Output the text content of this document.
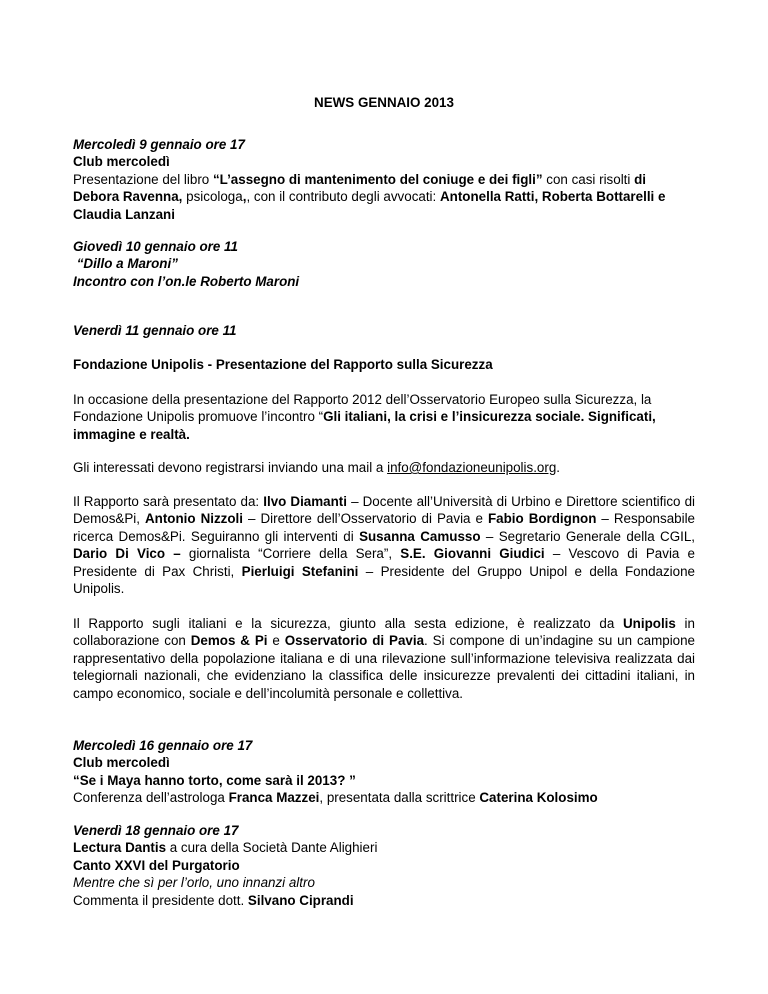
NEWS GENNAIO 2013

Mercoledì 9 gennaio ore 17

Club mercoledì

Presentazione del libro “L’assegno di mantenimento del coniuge e dei figli” con casi risolti di Debora Ravenna, psicologa,, con il contributo degli avvocati: Antonella Ratti, Roberta Bottarelli e Claudia Lanzani

Giovedì 10 gennaio ore 11

“Dillo a Maroni”

Incontro con l’on.le Roberto Maroni

Venerdì 11 gennaio ore 11

Fondazione Unipolis - Presentazione del Rapporto sulla Sicurezza

In occasione della presentazione del Rapporto 2012 dell’Osservatorio Europeo sulla Sicurezza, la Fondazione Unipolis promuove l’incontro “Gli italiani, la crisi e l’insicurezza sociale. Significati, immagine e realtà.

Gli interessati devono registrarsi inviando una mail a info@fondazioneunipolis.org.

Il Rapporto sarà presentato da: Ilvo Diamanti – Docente all’Università di Urbino e Direttore scientifico di Demos&Pi, Antonio Nizzoli – Direttore dell’Osservatorio di Pavia e Fabio Bordignon – Responsabile ricerca Demos&Pi. Seguiranno gli interventi di Susanna Camusso – Segretario Generale della CGIL, Dario Di Vico – giornalista “Corriere della Sera”, S.E. Giovanni Giudici – Vescovo di Pavia e Presidente di Pax Christi, Pierluigi Stefanini – Presidente del Gruppo Unipol e della Fondazione Unipolis.

Il Rapporto sugli italiani e la sicurezza, giunto alla sesta edizione, è realizzato da Unipolis in collaborazione con Demos & Pi e Osservatorio di Pavia. Si compone di un’indagine su un campione rappresentativo della popolazione italiana e di una rilevazione sull’informazione televisiva realizzata dai telegiornali nazionali, che evidenziano la classifica delle insicurezze prevalenti dei cittadini italiani, in campo economico, sociale e dell’incolumità personale e collettiva.

Mercoledì 16 gennaio ore 17

Club mercoledì

“Se i Maya hanno torto, come sarà il 2013? ”

Conferenza dell’astrologa Franca Mazzei, presentata dalla scrittrice Caterina Kolosimo

Venerdì 18 gennaio ore 17

Lectura Dantis a cura della Società Dante Alighieri

Canto XXVI del Purgatorio

Mentre che sì per l’orlo, uno innanzi altro

Commenta il presidente dott. Silvano Ciprandi
